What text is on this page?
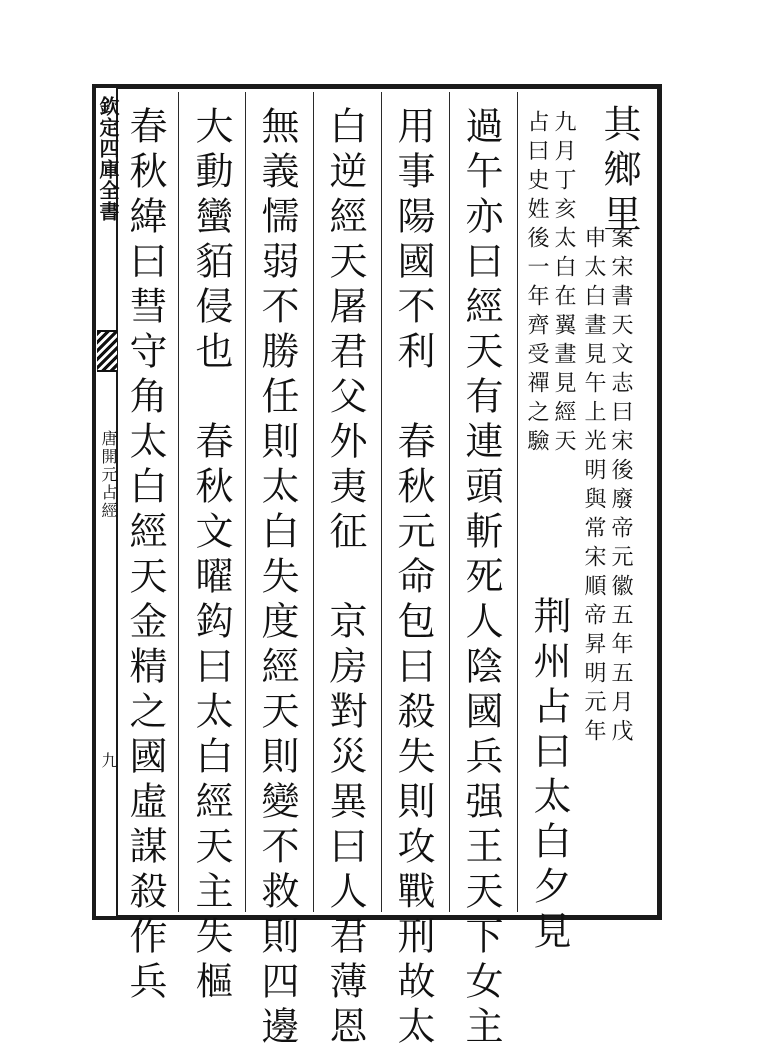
欽定四庫全書
唐開元占經
九
其鄉里
案宋書天文志曰宋後廢帝元徽五年五月戊
申太白晝見午上光明與常宋順帝昇明元年
九月丁亥太白在翼晝見經天
占曰史姓後一年齊受禪之驗
荆州占曰太白夕見
過午亦曰經天有連頭斬死人陰國兵强王天下女主
用事陽國不利　春秋元命包曰殺失則攻戰刑故太
白逆經天屠君父外夷征　京房對災異曰人君薄恩
無義懦弱不勝任則太白失度經天則變不救則四邊
大動蠻貊侵也　春秋文曜鈎曰太白經天主失樞
春秋緯曰彗守角太白經天金精之國虛謀殺作兵
